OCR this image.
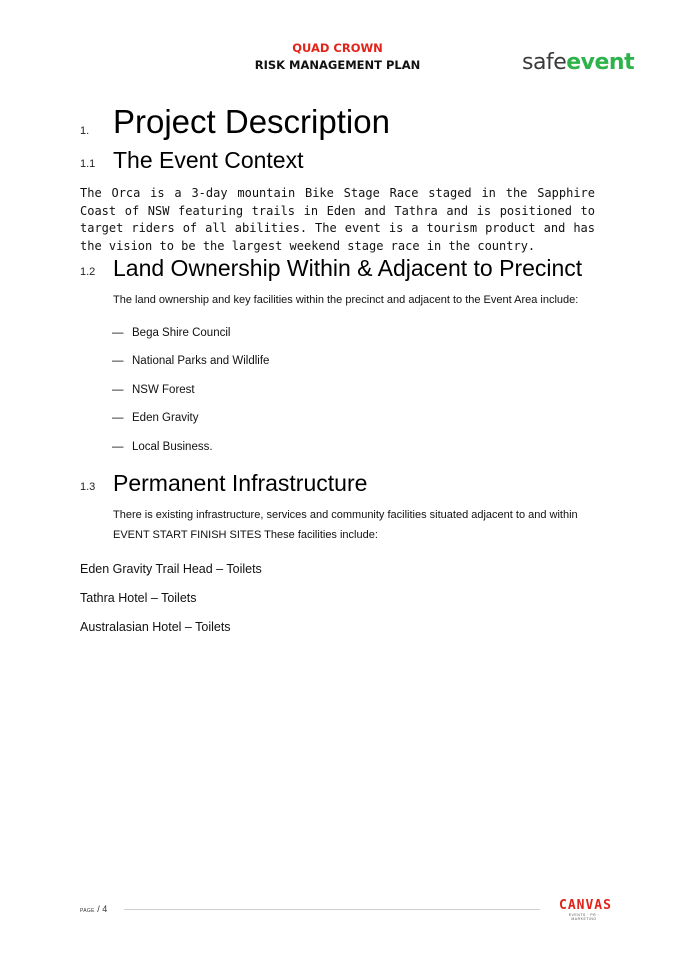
QUAD CROWN
RISK MANAGEMENT PLAN	safeevent
1. Project Description
1.1 The Event Context
The Orca is a 3-day mountain Bike Stage Race staged in the Sapphire Coast of NSW featuring trails in Eden and Tathra and is positioned to target riders of all abilities. The event is a tourism product and has the vision to be the largest weekend stage race in the country.
1.2 Land Ownership Within & Adjacent to Precinct
The land ownership and key facilities within the precinct and adjacent to the Event Area include:
— Bega Shire Council
— National Parks and Wildlife
— NSW Forest
— Eden Gravity
— Local Business.
1.3 Permanent Infrastructure
There is existing infrastructure, services and community facilities situated adjacent to and within
EVENT START FINISH SITES These facilities include:
Eden Gravity Trail Head – Toilets
Tathra Hotel – Toilets
Australasian Hotel – Toilets
PAGE / 4	CANVAS
EVENTS · PR · MARKETING
